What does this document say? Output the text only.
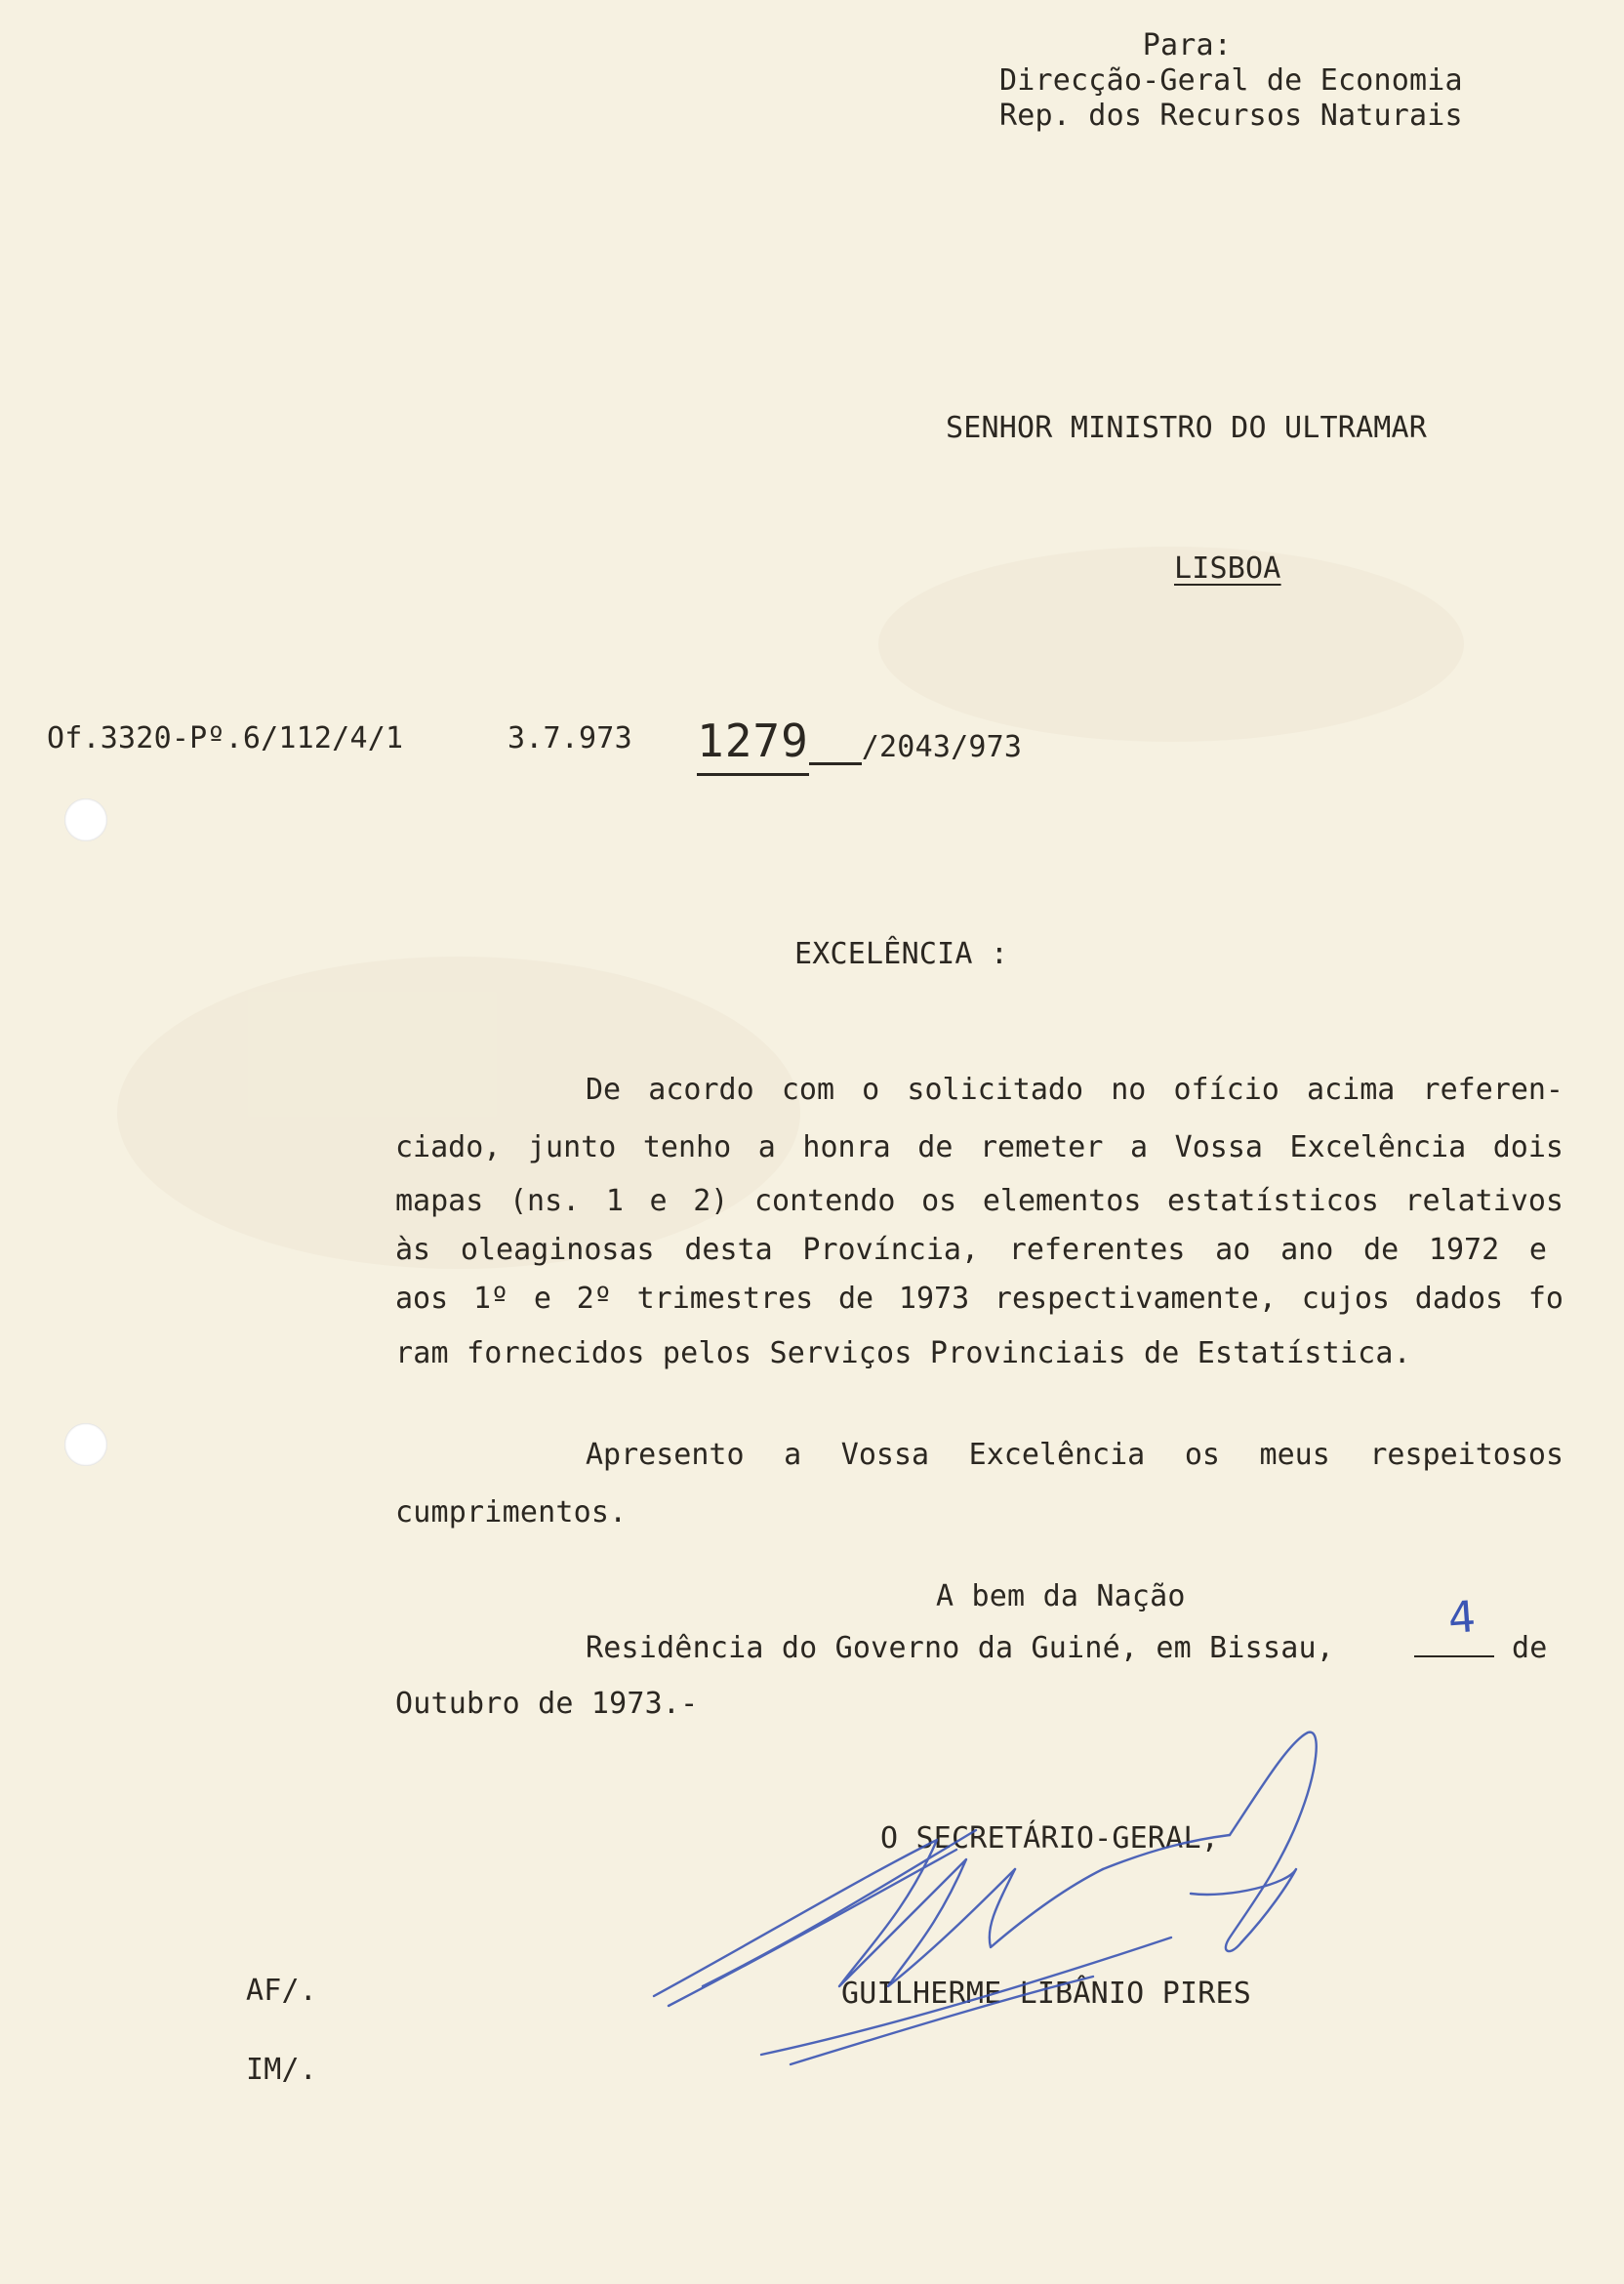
Para:
Direcção-Geral de Economia
Rep. dos Recursos Naturais
SENHOR MINISTRO DO ULTRAMAR
LISBOA
Of.3320-Pº.6/112/4/1	3.7.973 1279 /2043/973
EXCELÊNCIA :
De acordo com o solicitado no ofício acima referen-
ciado, junto tenho a honra de remeter a Vossa Excelência dois
mapas (ns. 1 e 2) contendo os elementos estatísticos relativos
às oleaginosas desta Província, referentes ao ano de 1972 e
aos 1º e 2º trimestres de 1973 respectivamente, cujos dados fo
ram fornecidos pelos Serviços Provinciais de Estatística.
Apresento a Vossa Excelência os meus respeitosos
cumprimentos.
A bem da Nação
Residência do Governo da Guiné, em Bissau,
4
de
Outubro de 1973.-
O SECRETÁRIO-GERAL,
GUILHERME LIBÂNIO PIRES
AF/.
IM/.
